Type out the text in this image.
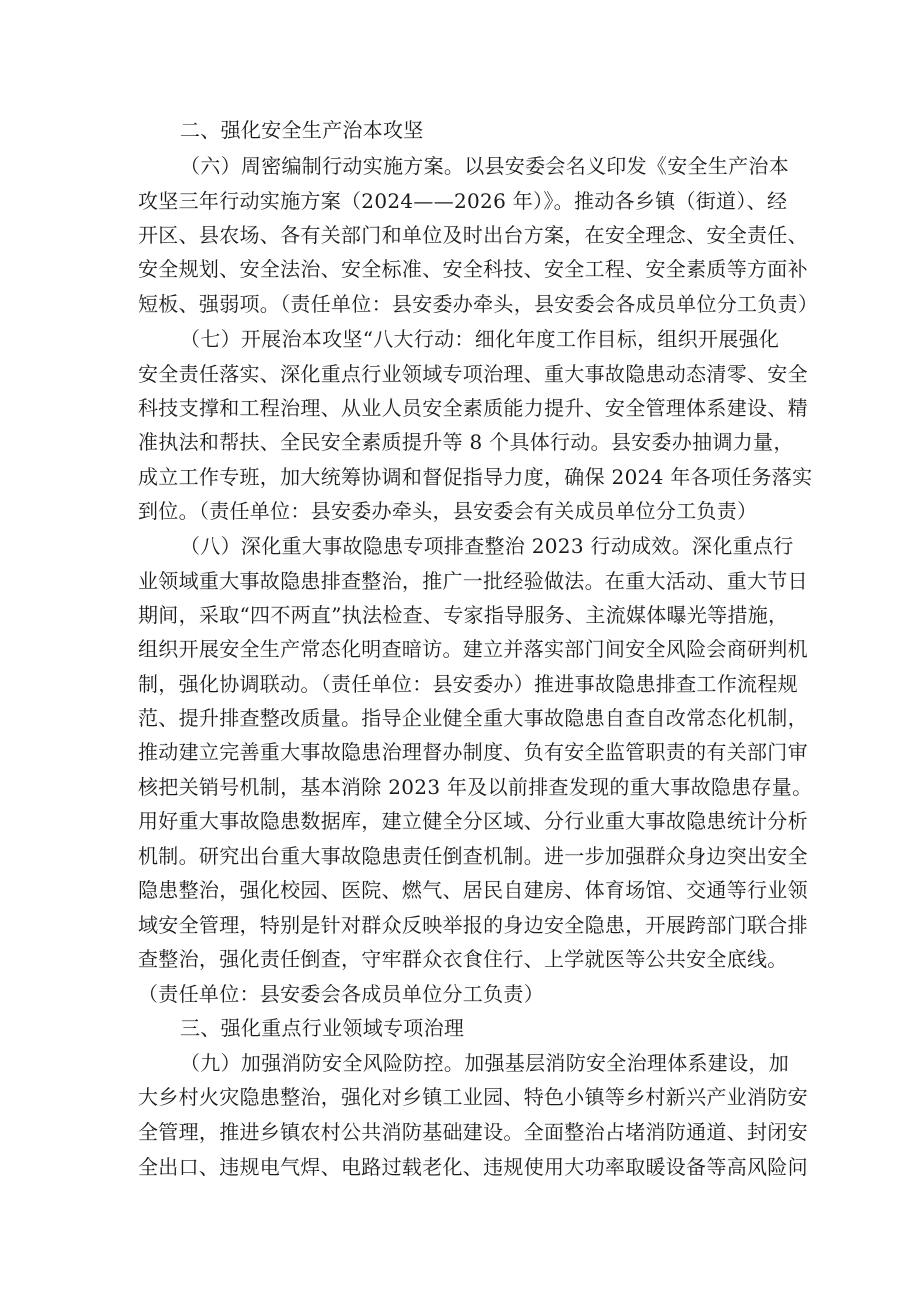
二、强化安全生产治本攻坚
（六）周密编制行动实施方案。以县安委会名义印发《安全生产治本
攻坚三年行动实施方案（2024——2026 年）》。推动各乡镇（街道）、经
开区、县农场、各有关部门和单位及时出台方案，在安全理念、安全责任、
安全规划、安全法治、安全标准、安全科技、安全工程、安全素质等方面补
短板、强弱项。（责任单位：县安委办牵头，县安委会各成员单位分工负责）
（七）开展治本攻坚“八大行动：细化年度工作目标，组织开展强化
安全责任落实、深化重点行业领域专项治理、重大事故隐患动态清零、安全
科技支撑和工程治理、从业人员安全素质能力提升、安全管理体系建设、精
准执法和帮扶、全民安全素质提升等 8 个具体行动。县安委办抽调力量，
成立工作专班，加大统筹协调和督促指导力度，确保 2024 年各项任务落实
到位。（责任单位：县安委办牵头，县安委会有关成员单位分工负责）
（八）深化重大事故隐患专项排查整治 2023 行动成效。深化重点行
业领域重大事故隐患排查整治，推广一批经验做法。在重大活动、重大节日
期间，采取“四不两直”执法检查、专家指导服务、主流媒体曝光等措施，
组织开展安全生产常态化明查暗访。建立并落实部门间安全风险会商研判机
制，强化协调联动。（责任单位：县安委办）推进事故隐患排查工作流程规
范、提升排查整改质量。指导企业健全重大事故隐患自查自改常态化机制，
推动建立完善重大事故隐患治理督办制度、负有安全监管职责的有关部门审
核把关销号机制，基本消除 2023 年及以前排查发现的重大事故隐患存量。
用好重大事故隐患数据库，建立健全分区域、分行业重大事故隐患统计分析
机制。研究出台重大事故隐患责任倒查机制。进一步加强群众身边突出安全
隐患整治，强化校园、医院、燃气、居民自建房、体育场馆、交通等行业领
域安全管理，特别是针对群众反映举报的身边安全隐患，开展跨部门联合排
查整治，强化责任倒查，守牢群众衣食住行、上学就医等公共安全底线。
（责任单位：县安委会各成员单位分工负责）
三、强化重点行业领域专项治理
（九）加强消防安全风险防控。加强基层消防安全治理体系建设，加
大乡村火灾隐患整治，强化对乡镇工业园、特色小镇等乡村新兴产业消防安
全管理，推进乡镇农村公共消防基础建设。全面整治占堵消防通道、封闭安
全出口、违规电气焊、电路过载老化、违规使用大功率取暖设备等高风险问
